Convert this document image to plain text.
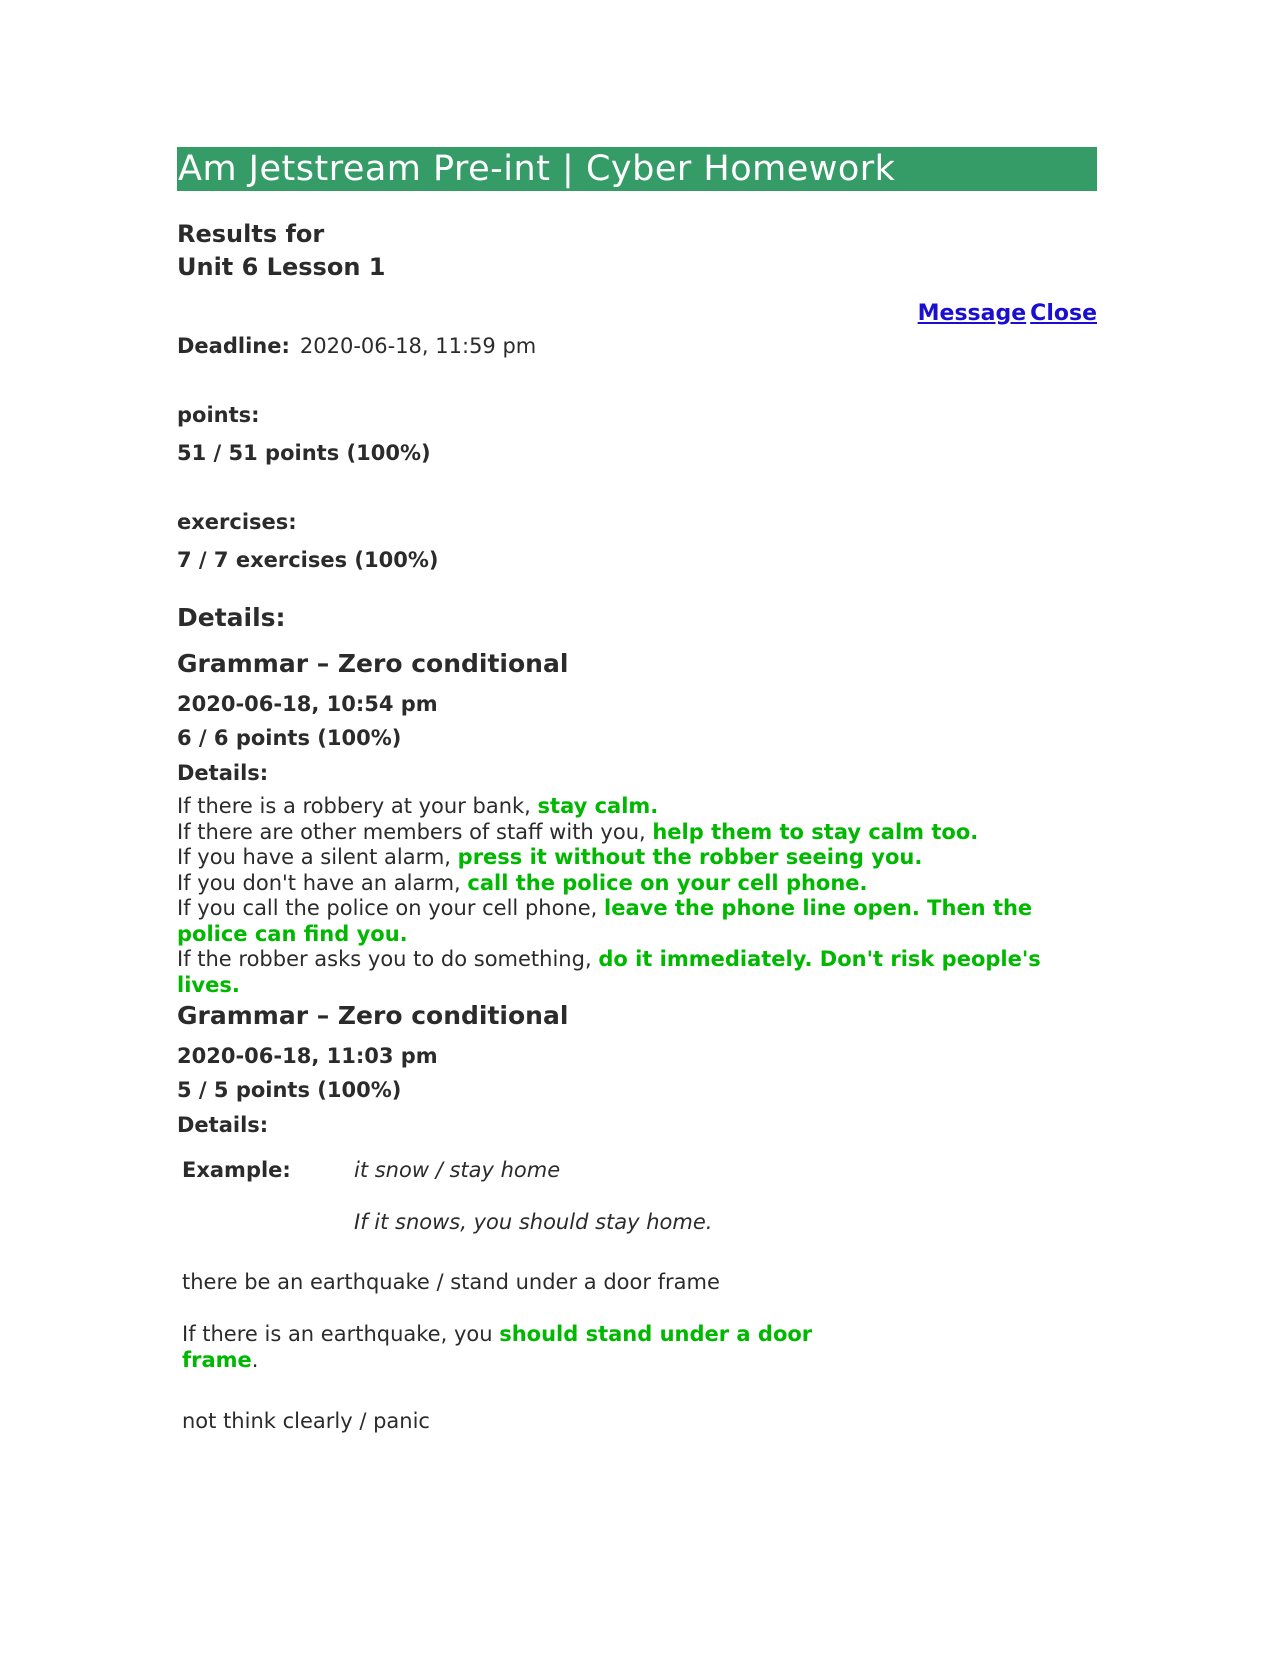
Am Jetstream Pre-int | Cyber Homework
Results for
Unit 6 Lesson 1
Message Close
Deadline: 2020-06-18, 11:59 pm
points:
51 / 51 points (100%)
exercises:
7 / 7 exercises (100%)
Details:
Grammar – Zero conditional
2020-06-18, 10:54 pm
6 / 6 points (100%)
Details:
If there is a robbery at your bank, stay calm.
If there are other members of staff with you, help them to stay calm too.
If you have a silent alarm, press it without the robber seeing you.
If you don't have an alarm, call the police on your cell phone.
If you call the police on your cell phone, leave the phone line open. Then the police can find you.
If the robber asks you to do something, do it immediately. Don't risk people's lives.
Grammar – Zero conditional
2020-06-18, 11:03 pm
5 / 5 points (100%)
Details:
Example:	it snow / stay home
If it snows, you should stay home.
there be an earthquake / stand under a door frame
If there is an earthquake, you should stand under a door
frame.
not think clearly / panic
